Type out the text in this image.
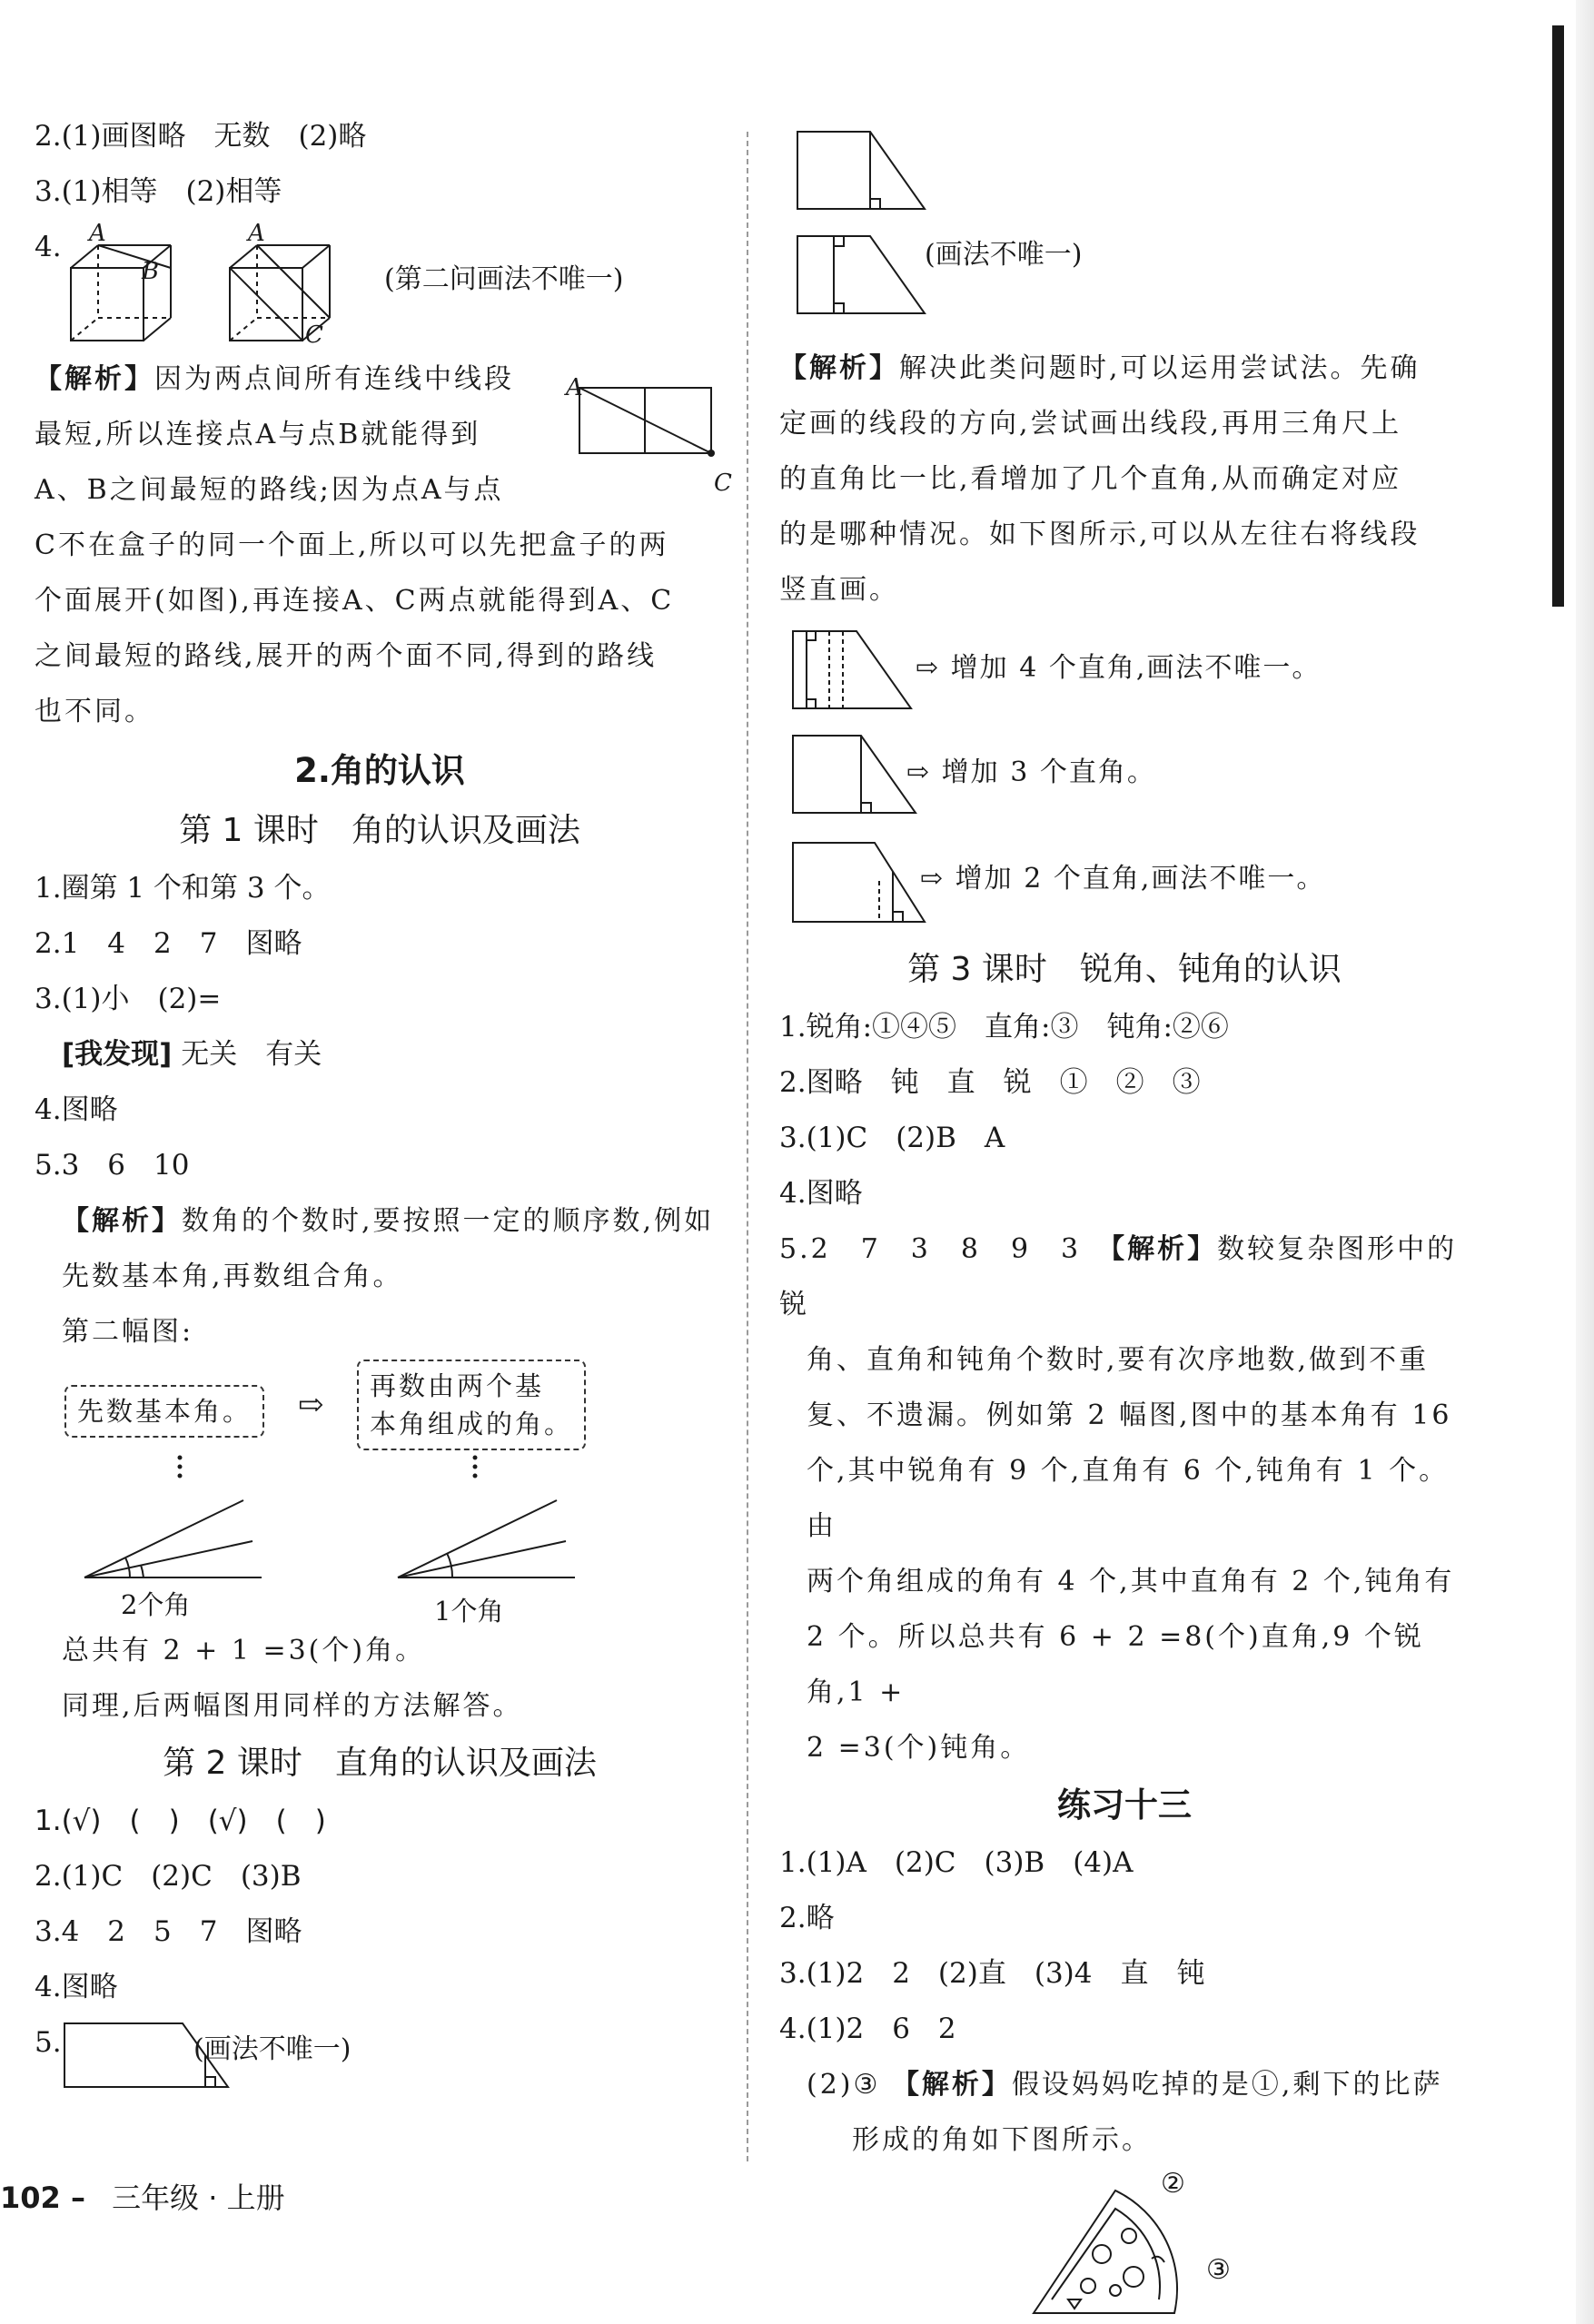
2.(1)画图略　无数　(2)略
3.(1)相等　(2)相等
4. A
B
A
C
(第二问画法不唯一)

【解析】因为两点间所有连线中线段

最短,所以连接点A与点B就能得到

A、B之间最短的路线;因为点A与点

C不在盒子的同一个面上,所以可以先把盒子的两

个面展开(如图),再连接A、C两点就能得到A、C

之间最短的路线,展开的两个面不同,得到的路线

也不同。

A
C
2.角的认识
第 1 课时　角的认识及画法
1.圈第 1 个和第 3 个。
2.1　4　2　7　图略
3.(1)小　(2)=
[我发现] 无关　有关
4.图略
5.3　6　10

【解析】数角的个数时,要按照一定的顺序数,例如

先数基本角,再数组合角。

第二幅图:

先数基本角。	⇨
再数由两个基
本角组成的角。
2个角	1个角
总共有 2 + 1 =3(个)角。
同理,后两幅图用同样的方法解答。
第 2 课时　直角的认识及画法
1.(√)　(　)　(√)　(　)
2.(1)C　(2)C　(3)B
3.4　2　5　7　图略
4.图略
5.	(画法不唯一)
(画法不唯一)

【解析】解决此类问题时,可以运用尝试法。先确

定画的线段的方向,尝试画出线段,再用三角尺上

的直角比一比,看增加了几个直角,从而确定对应

的是哪种情况。如下图所示,可以从左往右将线段

竖直画。

⇨ 增加 4 个直角,画法不唯一。
⇨ 增加 3 个直角。
⇨ 增加 2 个直角,画法不唯一。
第 3 课时　锐角、钝角的认识
1.锐角:①④⑤　直角:③　钝角:②⑥
2.图略　钝　直　锐　①　②　③
3.(1)C　(2)B　A
4.图略

5.2　7　3　8　9　3　 【解析】数较复杂图形中的锐

角、直角和钝角个数时,要有次序地数,做到不重

复、不遗漏。例如第 2 幅图,图中的基本角有 16

个,其中锐角有 9 个,直角有 6 个,钝角有 1 个。由

两个角组成的角有 4 个,其中直角有 2 个,钝角有

2 个。所以总共有 6 + 2 =8(个)直角,9 个锐角,1 +

2 =3(个)钝角。

练习十三
1.(1)A　(2)C　(3)B　(4)A
2.略
3.(1)2　2　(2)直　(3)4　直　钝
4.(1)2　6　2

(2)③ 【解析】假设妈妈吃掉的是①,剩下的比萨

形成的角如下图所示。

②
③
102 – 三年级 · 上册
